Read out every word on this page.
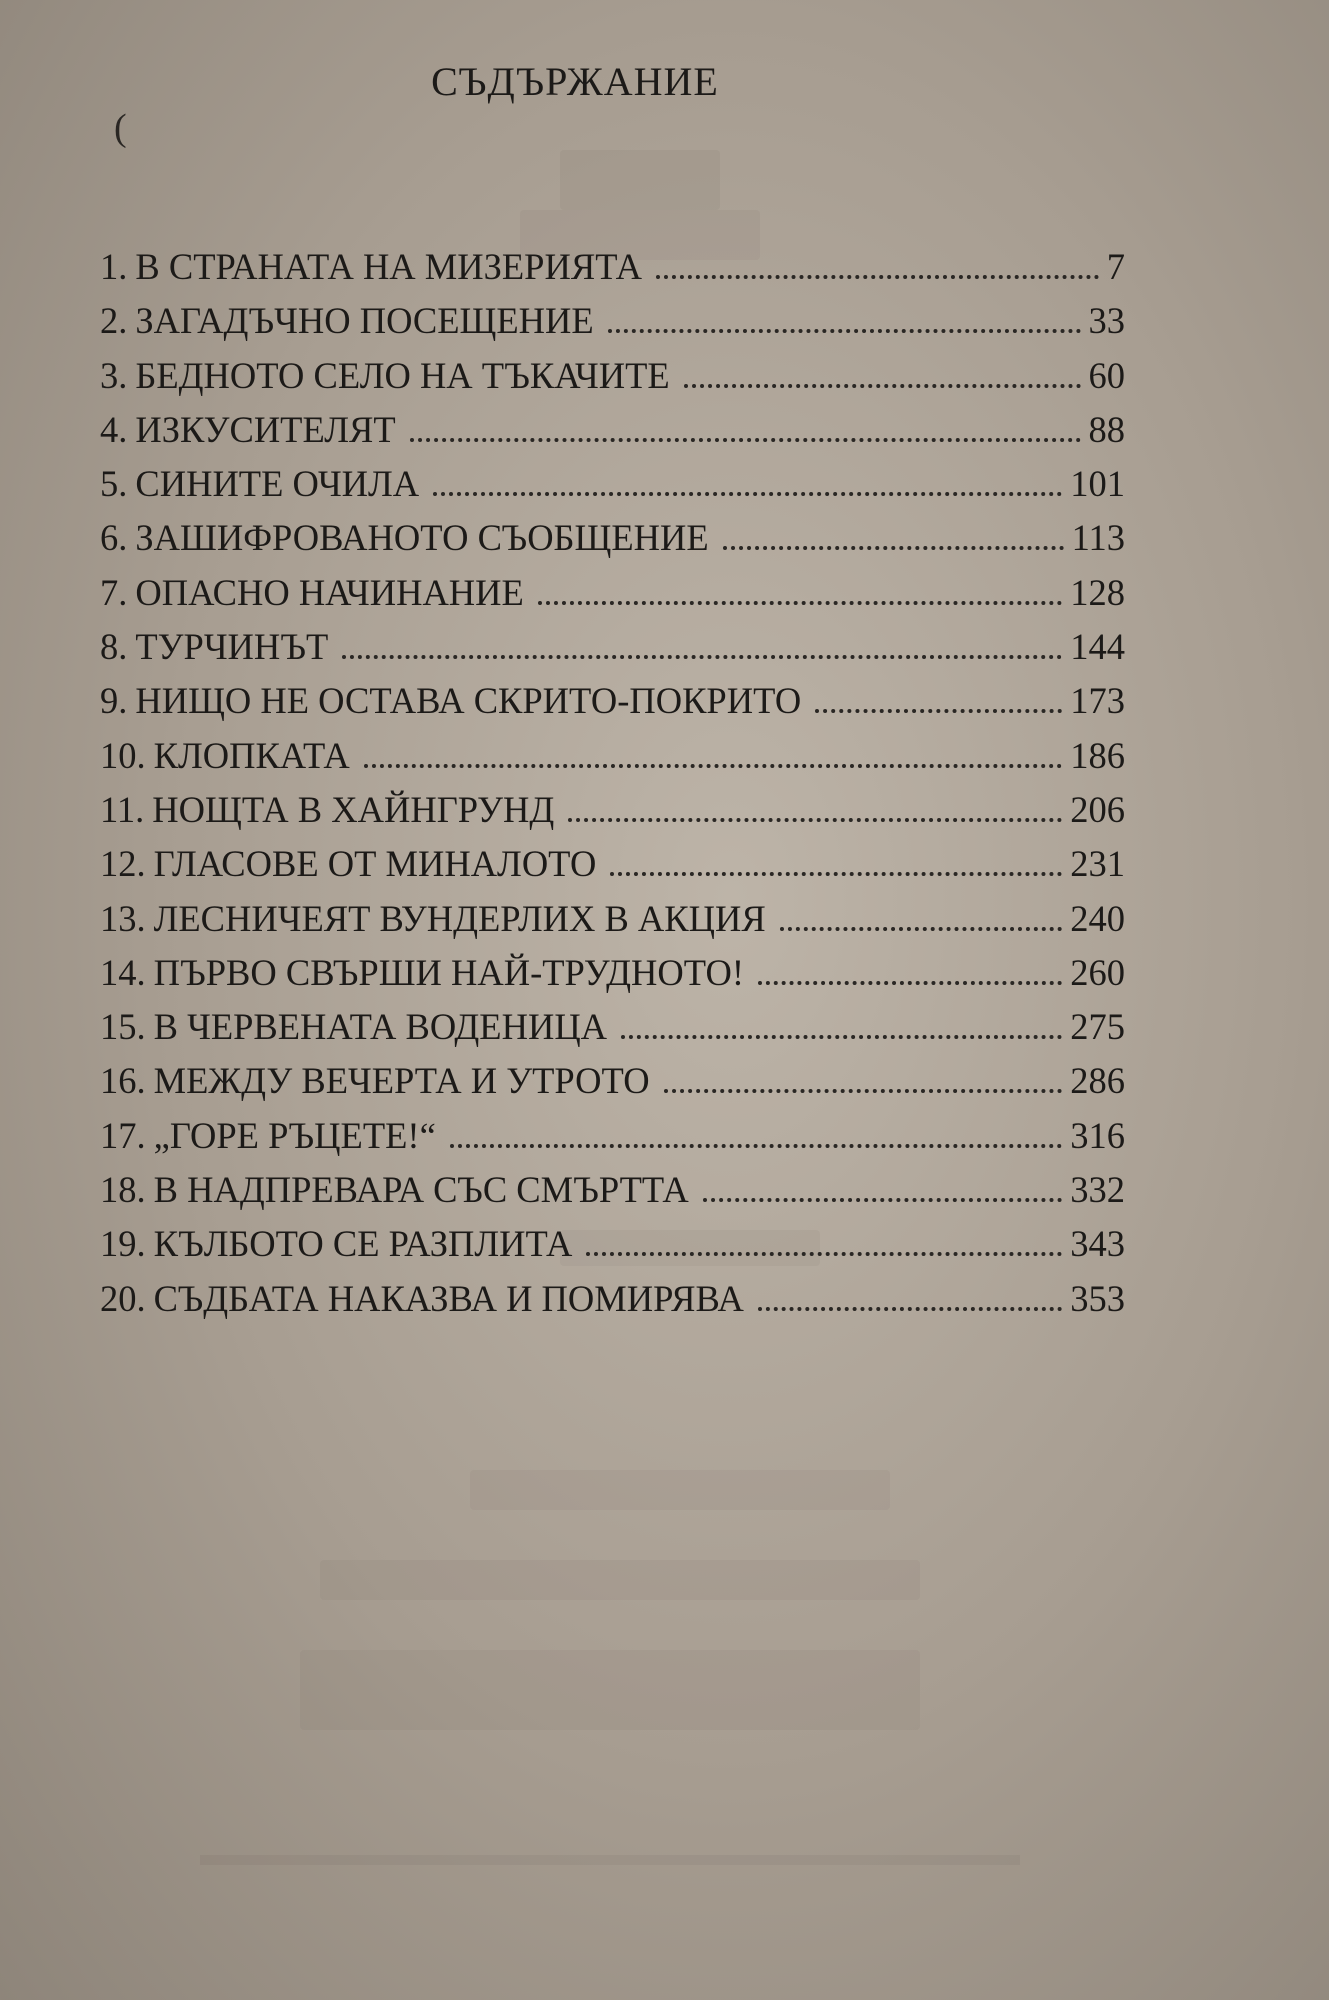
СЪДЪРЖАНИЕ
(
1. В СТРАНАТА НА МИЗЕРИЯТА	7
2. ЗАГАДЪЧНО ПОСЕЩЕНИЕ	33
3. БЕДНОТО СЕЛО НА ТЪКАЧИТЕ	60
4. ИЗКУСИТЕЛЯТ	88
5. СИНИТЕ ОЧИЛА	101
6. ЗАШИФРОВАНОТО СЪОБЩЕНИЕ	113
7. ОПАСНО НАЧИНАНИЕ	128
8. ТУРЧИНЪТ	144
9. НИЩО НЕ ОСТАВА СКРИТО-ПОКРИТО	173
10. КЛОПКАТА	186
11. НОЩТА В ХАЙНГРУНД	206
12. ГЛАСОВЕ ОТ МИНАЛОТО	231
13. ЛЕСНИЧЕЯТ ВУНДЕРЛИХ В АКЦИЯ	240
14. ПЪРВО СВЪРШИ НАЙ-ТРУДНОТО!	260
15. В ЧЕРВЕНАТА ВОДЕНИЦА	275
16. МЕЖДУ ВЕЧЕРТА И УТРОТО	286
17. „ГОРЕ РЪЦЕТЕ!“	316
18. В НАДПРЕВАРА СЪС СМЪРТТА	332
19. КЪЛБОТО СЕ РАЗПЛИТА	343
20. СЪДБАТА НАКАЗВА И ПОМИРЯВА	353
